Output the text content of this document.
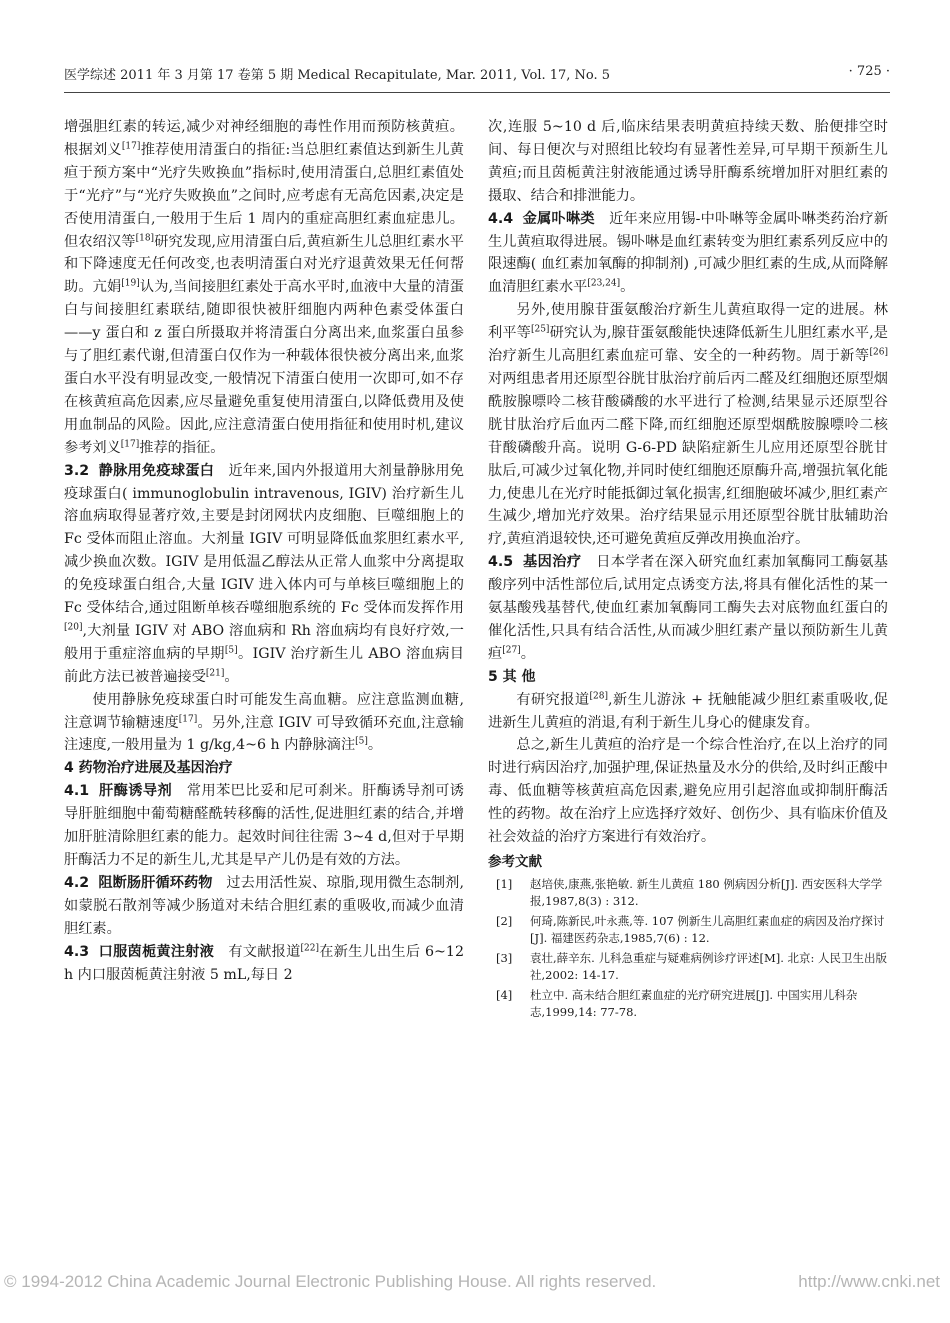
医学综述 2011 年 3 月第 17 卷第 5 期 Medical Recapitulate, Mar. 2011, Vol. 17, No. 5	· 725 ·

增强胆红素的转运,减少对神经细胞的毒性作用而预防核黄疸。根据刘义[17]推荐使用清蛋白的指征:当总胆红素值达到新生儿黄疸于预方案中“光疗失败换血”指标时,使用清蛋白,总胆红素值处于“光疗”与“光疗失败换血”之间时,应考虑有无高危因素,决定是否使用清蛋白,一般用于生后 1 周内的重症高胆红素血症患儿。但农绍汉等[18]研究发现,应用清蛋白后,黄疸新生儿总胆红素水平和下降速度无任何改变,也表明清蛋白对光疗退黄效果无任何帮助。亢娟[19]认为,当间接胆红素处于高水平时,血液中大量的清蛋白与间接胆红素联结,随即很快被肝细胞内两种色素受体蛋白——y 蛋白和 z 蛋白所摄取并将清蛋白分离出来,血浆蛋白虽参与了胆红素代谢,但清蛋白仅作为一种载体很快被分离出来,血浆蛋白水平没有明显改变,一般情况下清蛋白使用一次即可,如不存在核黄疸高危因素,应尽量避免重复使用清蛋白,以降低费用及使用血制品的风险。因此,应注意清蛋白使用指征和使用时机,建议参考刘义[17]推荐的指征。

3.2 静脉用免疫球蛋白 近年来,国内外报道用大剂量静脉用免疫球蛋白( immunoglobulin intravenous, IGIV) 治疗新生儿溶血病取得显著疗效,主要是封闭网状内皮细胞、巨噬细胞上的 Fc 受体而阻止溶血。大剂量 IGIV 可明显降低血浆胆红素水平,减少换血次数。IGIV 是用低温乙醇法从正常人血浆中分离提取的免疫球蛋白组合,大量 IGIV 进入体内可与单核巨噬细胞上的 Fc 受体结合,通过阻断单核吞噬细胞系统的 Fc 受体而发挥作用[20],大剂量 IGIV 对 ABO 溶血病和 Rh 溶血病均有良好疗效,一般用于重症溶血病的早期[5]。IGIV 治疗新生儿 ABO 溶血病目前此方法已被普遍接受[21]。

使用静脉免疫球蛋白时可能发生高血糖。应注意监测血糖,注意调节输糖速度[17]。另外,注意 IGIV 可导致循环充血,注意输注速度,一般用量为 1 g/kg,4~6 h 内静脉滴注[5]。

4 药物治疗进展及基因治疗

4.1 肝酶诱导剂 常用苯巴比妥和尼可刹米。肝酶诱导剂可诱导肝脏细胞中葡萄糖醛酰转移酶的活性,促进胆红素的结合,并增加肝脏清除胆红素的能力。起效时间往往需 3~4 d,但对于早期肝酶活力不足的新生儿,尤其是早产儿仍是有效的方法。

4.2 阻断肠肝循环药物 过去用活性炭、琼脂,现用微生态制剂,如蒙脱石散剂等减少肠道对未结合胆红素的重吸收,而减少血清胆红素。

4.3 口服茵栀黄注射液 有文献报道[22]在新生儿出生后 6~12 h 内口服茵栀黄注射液 5 mL,每日 2

次,连服 5~10 d 后,临床结果表明黄疸持续天数、胎便排空时间、每日便次与对照组比较均有显著性差异,可早期干预新生儿黄疸;而且茵栀黄注射液能通过诱导肝酶系统增加肝对胆红素的摄取、结合和排泄能力。

4.4 金属卟啉类 近年来应用锡-中卟啉等金属卟啉类药治疗新生儿黄疸取得进展。锡卟啉是血红素转变为胆红素系列反应中的限速酶( 血红素加氧酶的抑制剂) ,可减少胆红素的生成,从而降解血清胆红素水平[23,24]。

另外,使用腺苷蛋氨酸治疗新生儿黄疸取得一定的进展。林利平等[25]研究认为,腺苷蛋氨酸能快速降低新生儿胆红素水平,是治疗新生儿高胆红素血症可靠、安全的一种药物。周于新等[26]对两组患者用还原型谷胱甘肽治疗前后丙二醛及红细胞还原型烟酰胺腺嘌呤二核苷酸磷酸的水平进行了检测,结果显示还原型谷胱甘肽治疗后血丙二醛下降,而红细胞还原型烟酰胺腺嘌呤二核苷酸磷酸升高。说明 G-6-PD 缺陷症新生儿应用还原型谷胱甘肽后,可减少过氧化物,并同时使红细胞还原酶升高,增强抗氧化能力,使患儿在光疗时能抵御过氧化损害,红细胞破坏减少,胆红素产生减少,增加光疗效果。治疗结果显示用还原型谷胱甘肽辅助治疗,黄疸消退较快,还可避免黄疸反弹改用换血治疗。

4.5 基因治疗 日本学者在深入研究血红素加氧酶同工酶氨基酸序列中活性部位后,试用定点诱变方法,将具有催化活性的某一氨基酸残基替代,使血红素加氧酶同工酶失去对底物血红蛋白的催化活性,只具有结合活性,从而减少胆红素产量以预防新生儿黄疸[27]。

5 其 他

有研究报道[28],新生儿游泳 + 抚触能减少胆红素重吸收,促进新生儿黄疸的消退,有利于新生儿身心的健康发育。

总之,新生儿黄疸的治疗是一个综合性治疗,在以上治疗的同时进行病因治疗,加强护理,保证热量及水分的供给,及时纠正酸中毒、低血糖等核黄疸高危因素,避免应用引起溶血或抑制肝酶活性的药物。故在治疗上应选择疗效好、创伤少、具有临床价值及社会效益的治疗方案进行有效治疗。

参考文献

[1] 赵培侠,康燕,张艳敏. 新生儿黄疸 180 例病因分析[J]. 西安医科大学学报,1987,8(3) : 312.
[2] 何琦,陈新民,叶永燕,等. 107 例新生儿高胆红素血症的病因及治疗探讨[J]. 福建医药杂志,1985,7(6) : 12.
[3] 袁壮,薛辛东. 儿科急重症与疑难病例诊疗评述[M]. 北京: 人民卫生出版社,2002: 14-17.
[4] 杜立中. 高未结合胆红素血症的光疗研究进展[J]. 中国实用儿科杂志,1999,14: 77-78.
© 1994-2012 China Academic Journal Electronic Publishing House. All rights reserved.	http://www.cnki.net
